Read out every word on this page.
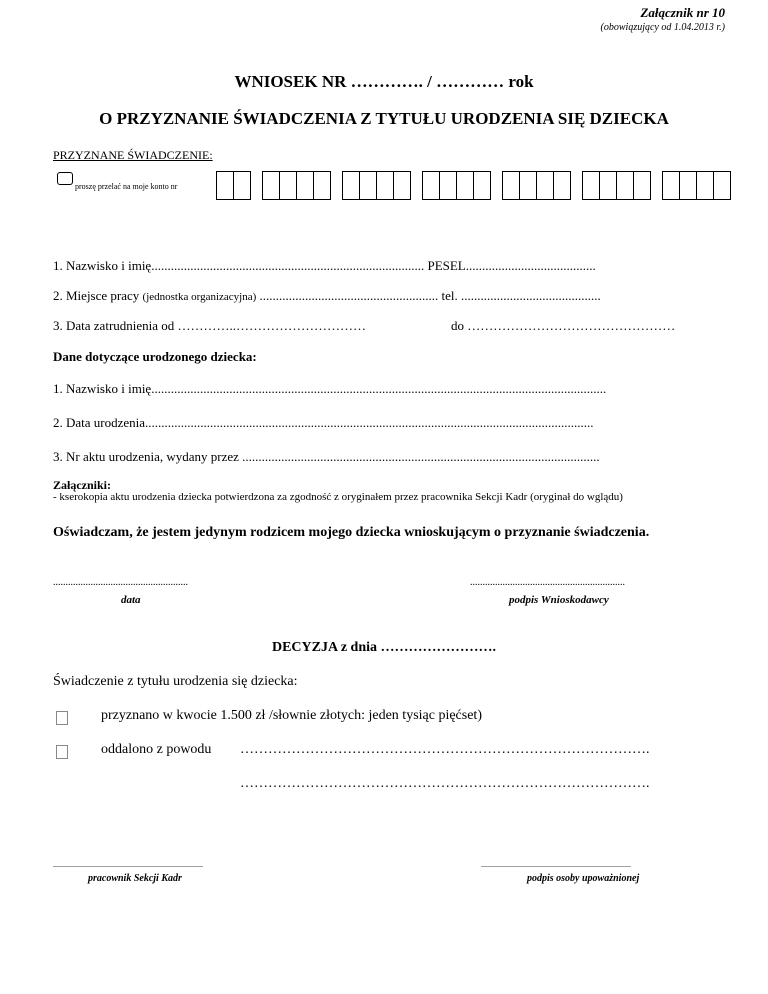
Załącznik nr 10
(obowiązujący od 1.04.2013 r.)
WNIOSEK NR …………. / ………… rok
O PRZYZNANIE ŚWIADCZENIA Z TYTUŁU URODZENIA SIĘ DZIECKA
PRZYZNANE ŚWIADCZENIE:
proszę przelać na moje konto nr
1. Nazwisko i imię.................................................................................... PESEL........................................
2. Miejsce pracy (jednostka organizacyjna) ....................................................... tel. ...........................................
3. Data zatrudnienia od …………..…………………………	do …………………………………………
Dane dotyczące urodzonego dziecka:
1. Nazwisko i imię............................................................................................................................................
2. Data urodzenia..........................................................................................................................................
3. Nr aktu urodzenia, wydany przez ..............................................................................................................
Załączniki:
- kserokopia aktu urodzenia dziecka potwierdzona za zgodność z oryginałem przez pracownika Sekcji Kadr (oryginał do wglądu)
Oświadczam, że jestem jedynym rodzicem mojego dziecka wnioskującym o przyznanie świadczenia.
......................................................
data
..............................................................
podpis Wnioskodawcy
DECYZJA z dnia …………………….
Świadczenie z tytułu urodzenia się dziecka:
przyznano w kwocie 1.500 zł /słownie złotych: jeden tysiąc pięćset)
oddalono z powodu …………………………………………………………………………….
…………………………………………………………………………….
...........................................................................
pracownik Sekcji Kadr
...........................................................................
podpis osoby upoważnionej
